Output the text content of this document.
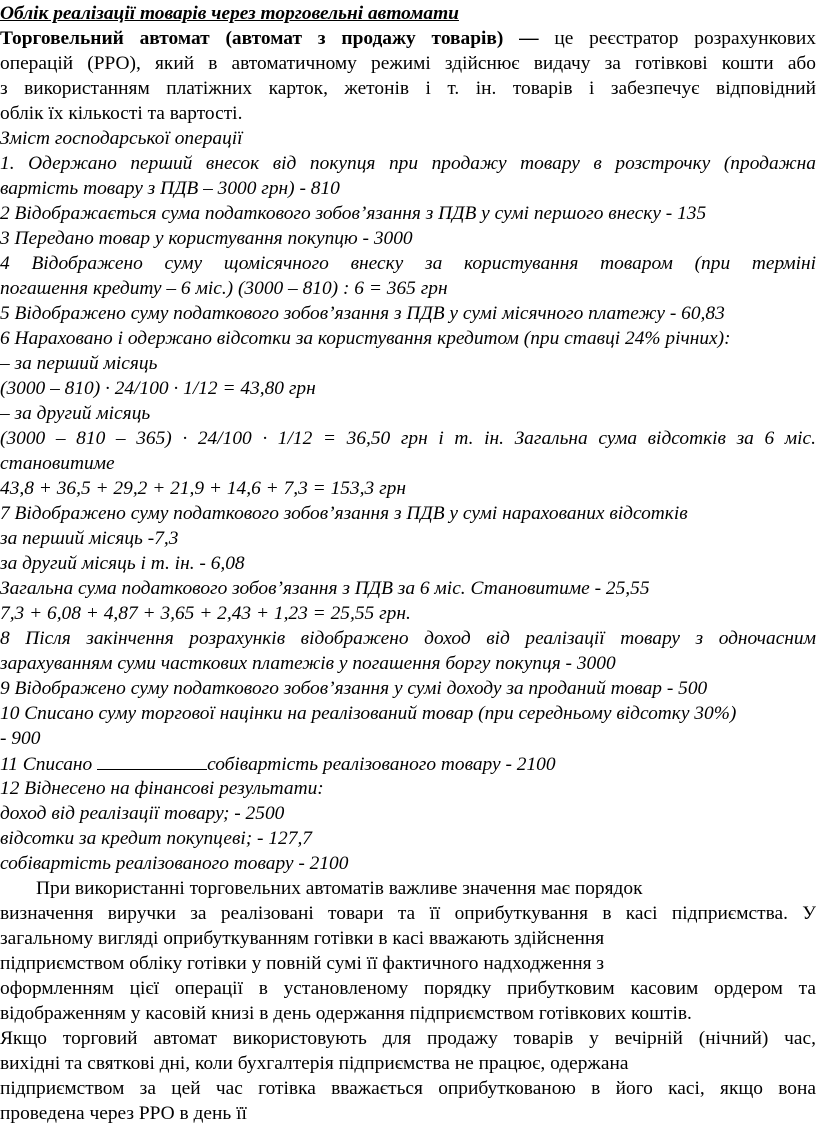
Облік реалізації товарів через торговельні автомати

Торговельний автомат (автомат з продажу товарів) — це реєстратор розрахункових

операцій (РРО), який в автоматичному режимі здійснює видачу за готівкові кошти або

з використанням платіжних карток, жетонів і т. ін. товарів і забезпечує відповідний

облік їх кількості та вартості.

Зміст господарської операції

1. Одержано перший внесок від покупця при продажу товару в розстрочку (продажна

вартість товару з ПДВ – 3000 грн) - 810

2 Відображається сума податкового зобов’язання з ПДВ у сумі першого внеску - 135

3 Передано товар у користування покупцю - 3000

4 Відображено суму щомісячного внеску за користування товаром (при терміні

погашення кредиту – 6 міс.) (3000 – 810) : 6 = 365 грн

5 Відображено суму податкового зобов’язання з ПДВ у сумі місячного платежу - 60,83

6 Нараховано і одержано відсотки за користування кредитом (при ставці 24% річних):

– за перший місяць

(3000 – 810) · 24/100 · 1/12 = 43,80 грн

– за другий місяць

(3000 – 810 – 365) · 24/100 · 1/12 = 36,50 грн і т. ін. Загальна сума відсотків за 6 міс.

становитиме

43,8 + 36,5 + 29,2 + 21,9 + 14,6 + 7,3 = 153,3 грн

7 Відображено суму податкового зобов’язання з ПДВ у сумі нарахованих відсотків

за перший місяць -7,3

за другий місяць і т. ін. - 6,08

Загальна сума податкового зобов’язання з ПДВ за 6 міс. Становитиме - 25,55

7,3 + 6,08 + 4,87 + 3,65 + 2,43 + 1,23 = 25,55 грн.

8 Після закінчення розрахунків відображено доход від реалізації товару з одночасним

зарахуванням суми часткових платежів у погашення боргу покупця - 3000

9 Відображено суму податкового зобов’язання у сумі доходу за проданий товар - 500

10 Списано суму торгової націнки на реалізований товар (при середньому відсотку 30%)

- 900

11 Списано	собівартість реалізованого товару - 2100

12 Віднесено на фінансові результати:

доход від реалізації товару; - 2500

відсотки за кредит покупцеві; - 127,7

собівартість реалізованого товару - 2100

При використанні торговельних автоматів важливе значення має порядок

визначення виручки за реалізовані товари та її оприбуткування в касі підприємства. У

загальному вигляді оприбуткуванням готівки в касі вважають здійснення

підприємством обліку готівки у повній сумі її фактичного надходження з

оформленням цієї операції в установленому порядку прибутковим касовим ордером та

відображенням у касовій книзі в день одержання підприємством готівкових коштів.

Якщо торговий автомат використовують для продажу товарів у вечірній (нічний) час,

вихідні та святкові дні, коли бухгалтерія підприємства не працює, одержана

підприємством за цей час готівка вважається оприбуткованою в його касі, якщо вона

проведена через РРО в день її
